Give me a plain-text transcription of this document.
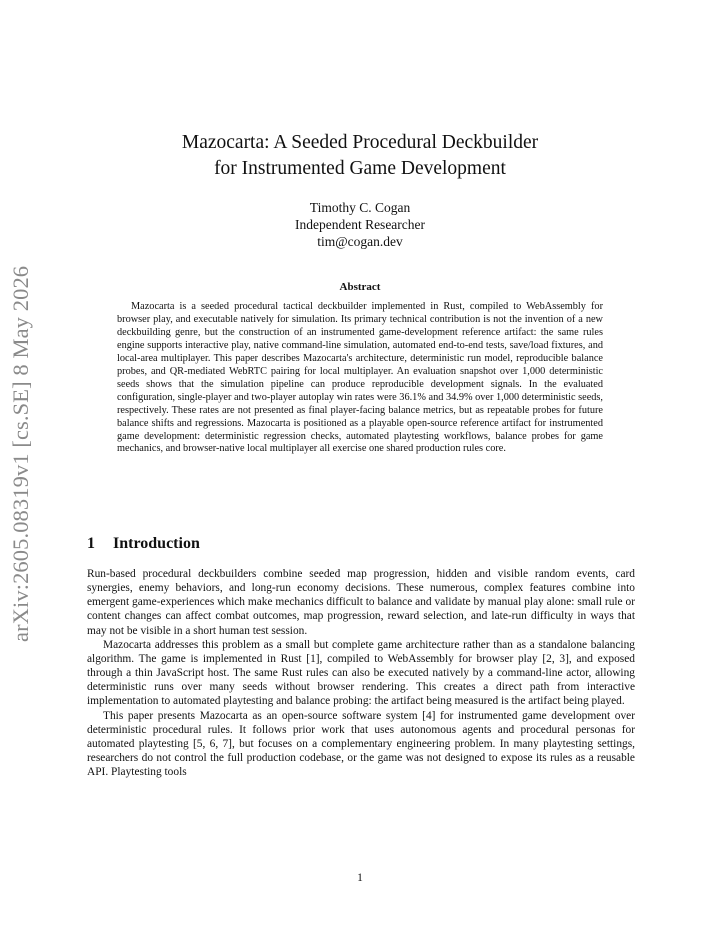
arXiv:2605.08319v1 [cs.SE] 8 May 2026
Mazocarta: A Seeded Procedural Deckbuilder
for Instrumented Game Development
Timothy C. Cogan
Independent Researcher
tim@cogan.dev
Abstract
Mazocarta is a seeded procedural tactical deckbuilder implemented in Rust, compiled to WebAssembly for browser play, and executable natively for simulation. Its primary technical contribution is not the invention of a new deckbuilding genre, but the construction of an instrumented game-development reference artifact: the same rules engine supports interactive play, native command-line simulation, automated end-to-end tests, save/load fixtures, and local-area multiplayer. This paper describes Mazocarta's architecture, deterministic run model, reproducible balance probes, and QR-mediated WebRTC pairing for local multiplayer. An evaluation snapshot over 1,000 deterministic seeds shows that the simulation pipeline can produce reproducible development signals. In the evaluated configuration, single-player and two-player autoplay win rates were 36.1% and 34.9% over 1,000 deterministic seeds, respectively. These rates are not presented as final player-facing balance metrics, but as repeatable probes for future balance shifts and regressions. Mazocarta is positioned as a playable open-source reference artifact for instrumented game development: deterministic regression checks, automated playtesting workflows, balance probes for game mechanics, and browser-native local multiplayer all exercise one shared production rules core.
1 Introduction

Run-based procedural deckbuilders combine seeded map progression, hidden and visible random events, card synergies, enemy behaviors, and long-run economy decisions. These numerous, complex features combine into emergent game-experiences which make mechanics difficult to balance and validate by manual play alone: small rule or content changes can affect combat outcomes, map progression, reward selection, and late-run difficulty in ways that may not be visible in a short human test session.

Mazocarta addresses this problem as a small but complete game architecture rather than as a standalone balancing algorithm. The game is implemented in Rust [1], compiled to WebAssembly for browser play [2, 3], and exposed through a thin JavaScript host. The same Rust rules can also be executed natively by a command-line actor, allowing deterministic runs over many seeds without browser rendering. This creates a direct path from interactive implementation to automated playtesting and balance probing: the artifact being measured is the artifact being played.

This paper presents Mazocarta as an open-source software system [4] for instrumented game development over deterministic procedural rules. It follows prior work that uses autonomous agents and procedural personas for automated playtesting [5, 6, 7], but focuses on a complementary engineering problem. In many playtesting settings, researchers do not control the full production codebase, or the game was not designed to expose its rules as a reusable API. Playtesting tools

1
